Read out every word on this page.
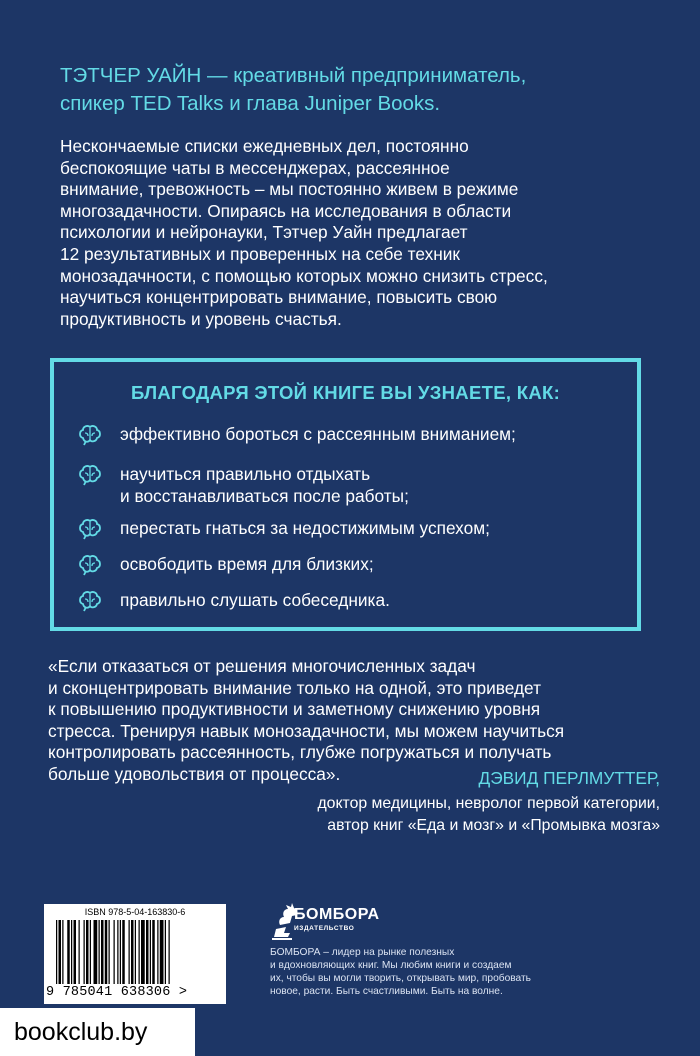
ТЭТЧЕР УАЙН — креативный предприниматель,
спикер TED Talks и глава Juniper Books.
Нескончаемые списки ежедневных дел, постоянно
беспокоящие чаты в мессенджерах, рассеянное
внимание, тревожность – мы постоянно живем в режиме
многозадачности. Опираясь на исследования в области
психологии и нейронауки, Тэтчер Уайн предлагает
12 результативных и проверенных на себе техник
монозадачности, с помощью которых можно снизить стресс,
научиться концентрировать внимание, повысить свою
продуктивность и уровень счастья.
БЛАГОДАРЯ ЭТОЙ КНИГЕ ВЫ УЗНАЕТЕ, КАК:
эффективно бороться с рассеянным вниманием;
научиться правильно отдыхать
и восстанавливаться после работы;
перестать гнаться за недостижимым успехом;
освободить время для близких;
правильно слушать собеседника.
«Если отказаться от решения многочисленных задач
и сконцентрировать внимание только на одной, это приведет
к повышению продуктивности и заметному снижению уровня
стресса. Тренируя навык монозадачности, мы можем научиться
контролировать рассеянность, глубже погружаться и получать
больше удовольствия от процесса».	ДЭВИД ПЕРЛМУТТЕР,
доктор медицины, невролог первой категории,
автор книг «Еда и мозг» и «Промывка мозга»
ISBN 978-5-04-163830-6
9 785041 638306 >
БОМБОРА
ИЗДАТЕЛЬСТВО
БОМБОРА – лидер на рынке полезных
и вдохновляющих книг. Мы любим книги и создаем
их, чтобы вы могли творить, открывать мир, пробовать
новое, расти. Быть счастливыми. Быть на волне.
bookclub.by
